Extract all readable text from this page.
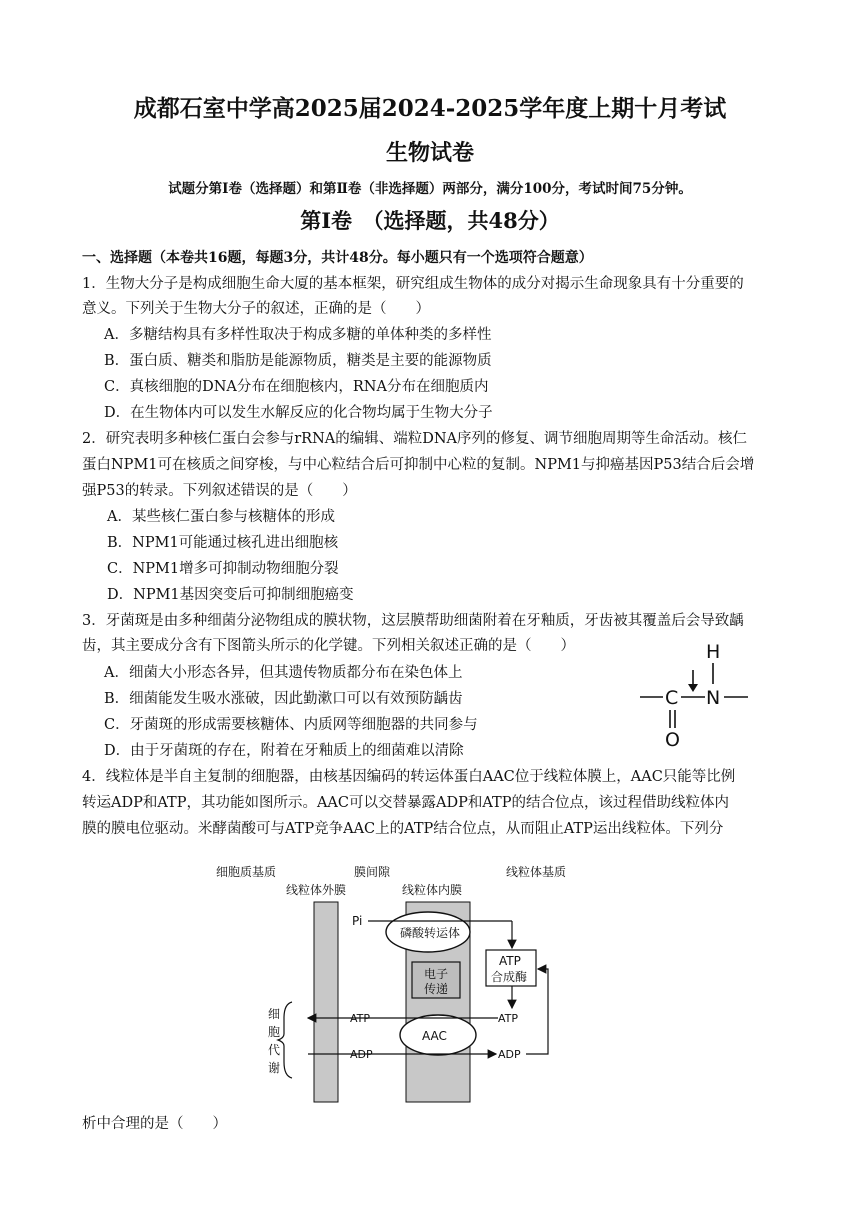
成都石室中学高2025届2024-2025学年度上期十月考试
生物试卷
试题分第Ⅰ卷（选择题）和第Ⅱ卷（非选择题）两部分，满分100分，考试时间75分钟。
第Ⅰ卷　（选择题，共48分）
一、选择题（本卷共16题，每题3分，共计48分。每小题只有一个选项符合题意）
1．生物大分子是构成细胞生命大厦的基本框架，研究组成生物体的成分对揭示生命现象具有十分重要的
意义。下列关于生物大分子的叙述，正确的是（　　）
A．多糖结构具有多样性取决于构成多糖的单体种类的多样性
B．蛋白质、糖类和脂肪是能源物质，糖类是主要的能源物质
C．真核细胞的DNA分布在细胞核内，RNA分布在细胞质内
D．在生物体内可以发生水解反应的化合物均属于生物大分子
2．研究表明多种核仁蛋白会参与rRNA的编辑、端粒DNA序列的修复、调节细胞周期等生命活动。核仁
蛋白NPM1可在核质之间穿梭，与中心粒结合后可抑制中心粒的复制。NPM1与抑癌基因P53结合后会增
强P53的转录。下列叙述错误的是（　　）
A．某些核仁蛋白参与核糖体的形成
B．NPM1可能通过核孔进出细胞核
C．NPM1增多可抑制动物细胞分裂
D．NPM1基因突变后可抑制细胞癌变
3．牙菌斑是由多种细菌分泌物组成的膜状物，这层膜帮助细菌附着在牙釉质，牙齿被其覆盖后会导致龋
齿，其主要成分含有下图箭头所示的化学键。下列相关叙述正确的是（　　）
A．细菌大小形态各异，但其遗传物质都分布在染色体上
B．细菌能发生吸水涨破，因此勤漱口可以有效预防龋齿
C．牙菌斑的形成需要核糖体、内质网等细胞器的共同参与
D．由于牙菌斑的存在，附着在牙釉质上的细菌难以清除
H
C N
O
4．线粒体是半自主复制的细胞器，由核基因编码的转运体蛋白AAC位于线粒体膜上，AAC只能等比例
转运ADP和ATP，其功能如图所示。AAC可以交替暴露ADP和ATP的结合位点，该过程借助线粒体内
膜的膜电位驱动。米酵菌酸可与ATP竞争AAC上的ATP结合位点，从而阻止ATP运出线粒体。下列分
细胞质基质	膜间隙	线粒体基质
线粒体外膜	线粒体内膜
电子
传递
ATP
合成酶
磷酸转运体
AAC
Pi
ATP	ATP
ADP	ADP
细
胞
代
谢
析中合理的是（　　）
